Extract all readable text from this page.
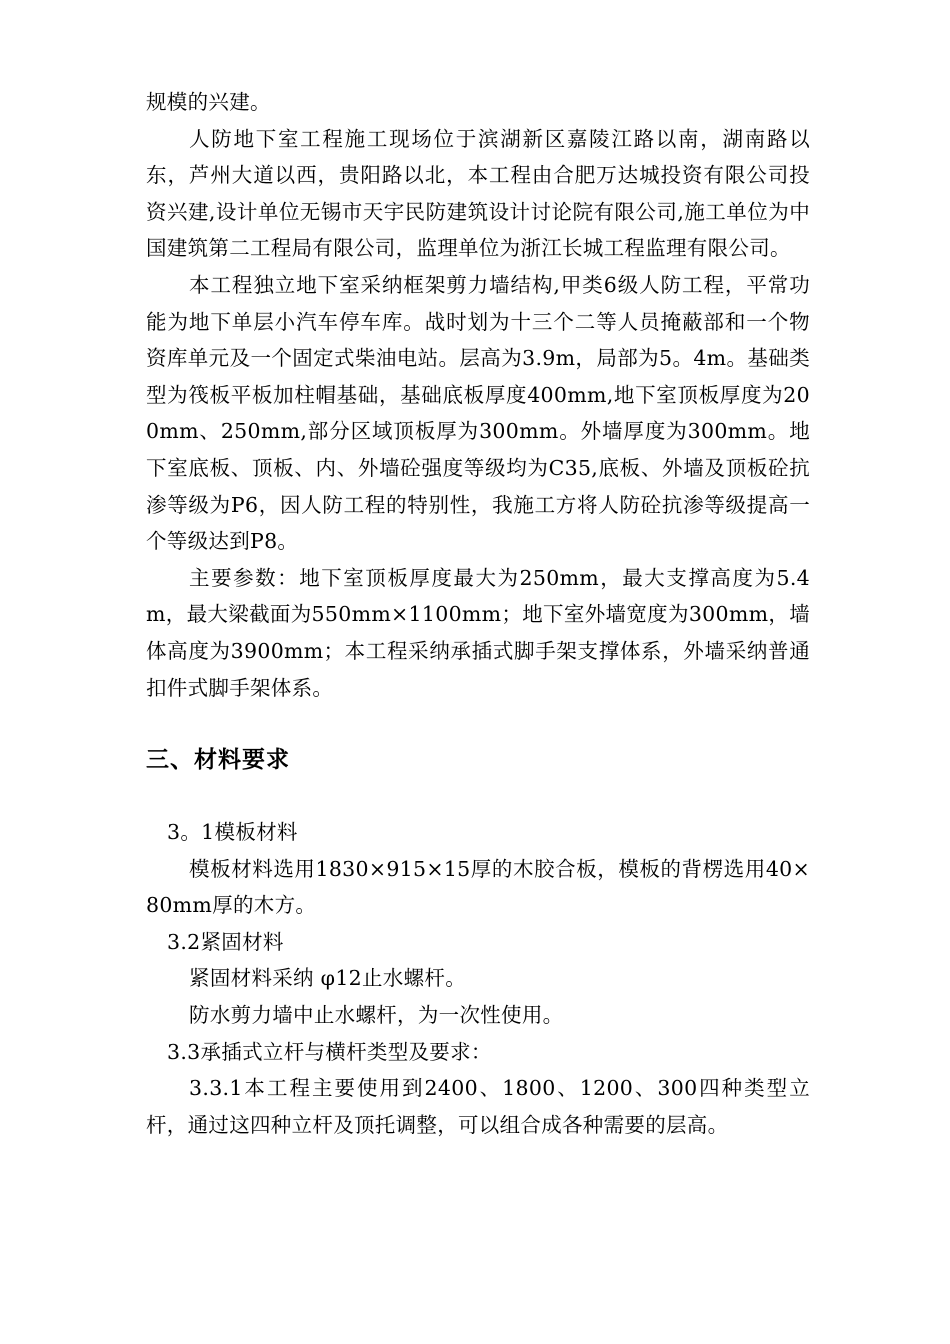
规模的兴建。

人防地下室工程施工现场位于滨湖新区嘉陵江路以南，湖南路以东，芦州大道以西，贵阳路以北，本工程由合肥万达城投资有限公司投资兴建,设计单位无锡市天宇民防建筑设计讨论院有限公司,施工单位为中国建筑第二工程局有限公司，监理单位为浙江长城工程监理有限公司。

本工程独立地下室采纳框架剪力墙结构,甲类6级人防工程，平常功能为地下单层小汽车停车库。战时划为十三个二等人员掩蔽部和一个物资库单元及一个固定式柴油电站。层高为3.9m，局部为5。4m。基础类型为筏板平板加柱帽基础，基础底板厚度400mm,地下室顶板厚度为200mm、250mm,部分区域顶板厚为300mm。外墙厚度为300mm。地下室底板、顶板、内、外墙砼强度等级均为C35,底板、外墙及顶板砼抗渗等级为P6，因人防工程的特别性，我施工方将人防砼抗渗等级提高一个等级达到P8。

主要参数：地下室顶板厚度最大为250mm，最大支撑高度为5.4m，最大梁截面为550mm×1100mm；地下室外墙宽度为300mm，墙体高度为3900mm；本工程采纳承插式脚手架支撑体系，外墙采纳普通扣件式脚手架体系。

三、材料要求

3。1模板材料

模板材料选用1830×915×15厚的木胶合板，模板的背楞选用40×80mm厚的木方。

3.2紧固材料

紧固材料采纳 φ12止水螺杆。

防水剪力墙中止水螺杆，为一次性使用。

3.3承插式立杆与横杆类型及要求：

3.3.1本工程主要使用到2400、1800、1200、300四种类型立杆，通过这四种立杆及顶托调整，可以组合成各种需要的层高。
